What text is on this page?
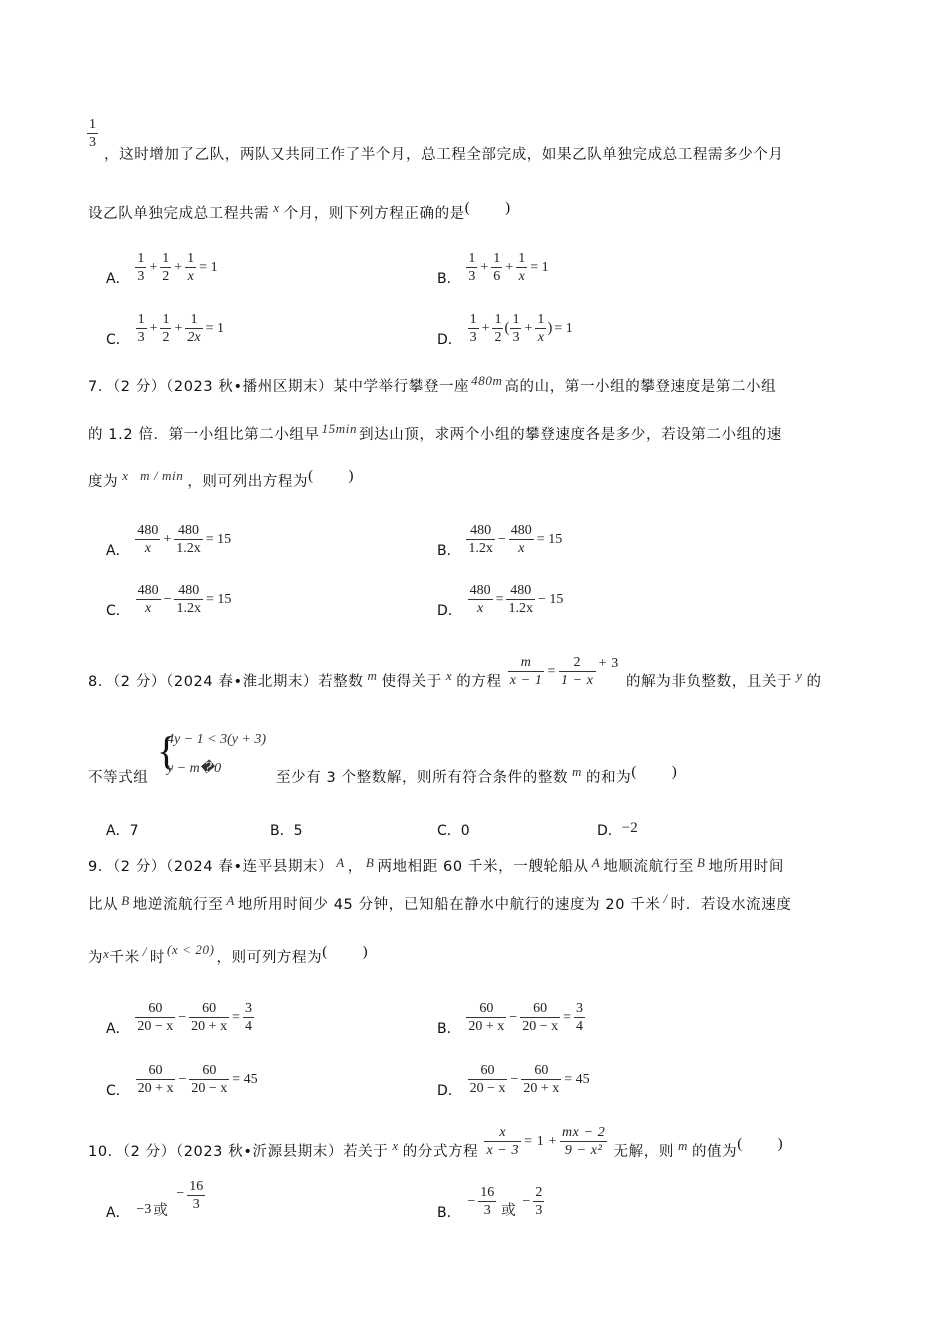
$\frac{1}{3}$
，这时增加了乙队，两队又共同工作了半个月，总工程全部完成，如果乙队单独完成总工程需多少个月
设乙队单独完成总工程共需 x 个月，则下列方程正确的是(        )
A． $\frac{1}{3} + \frac{1}{2} + \frac{1}{x} = 1$
B． $\frac{1}{3} + \frac{1}{6} + \frac{1}{x} = 1$
C． $\frac{1}{3} + \frac{1}{2} + \frac{1}{2x} = 1$
D． $\frac{1}{3} + \frac{1}{2}$ ( $\frac{1}{3} + \frac{1}{x}$ ) = 1
7．（2 分）（2023 秋•播州区期末）某中学举行攀登一座 480m 高的山，第一小组的攀登速度是第二小组
的 1.2 倍．第一小组比第二小组早 15min 到达山顶，求两个小组的攀登速度各是多少，若设第二小组的速
度为 x   m / min ，则可列出方程为(        )
A． $\frac{480}{x} + \frac{480}{1.2x} = 15$
B． $\frac{480}{1.2x} - \frac{480}{x} = 15$
C． $\frac{480}{x} - \frac{480}{1.2x} = 15$
D． $\frac{480}{x} = \frac{480}{1.2x} - 15$
8．（2 分）（2024 春•淮北期末）若整数 m 使得关于 x 的方程 $\frac{m}{x - 1} = \frac{2}{1 - x} + 3$ 的解为非负整数，且关于 y 的
不等式组
{
4y − 1 < 3(y + 3)
y − m�0
至少有 3 个整数解，则所有符合条件的整数 m 的和为(        )
A．7	B．5	C．0	D．−2
9．（2 分）（2024 春•连平县期末） A ， B 两地相距 60 千米，一艘轮船从 A 地顺流航行至 B 地所用时间
比从 B 地逆流航行至 A 地所用时间少 45 分钟，已知船在静水中航行的速度为 20 千米 / 时．若设水流速度
为x千米 / 时(x < 20)，则可列方程为(        )
A． $\frac{60}{20 - x} - \frac{60}{20 + x} = \frac{3}{4}$	B． $\frac{60}{20 + x} - \frac{60}{20 - x} = \frac{3}{4}$
C． $\frac{60}{20 + x} - \frac{60}{20 - x} = 45$
D． $\frac{60}{20 - x} - \frac{60}{20 + x} = 45$
10．（2 分）（2023 秋•沂源县期末）若关于 x 的分式方程 $\frac{x}{x - 3} = 1 + \frac{mx - 2}{\text{9 − x²}}$ 无解，则 m 的值为(        )
A． −3 或− $\frac{16}{3}$	B． − $\frac{16}{3}$ 或− $\frac{2}{3}$
